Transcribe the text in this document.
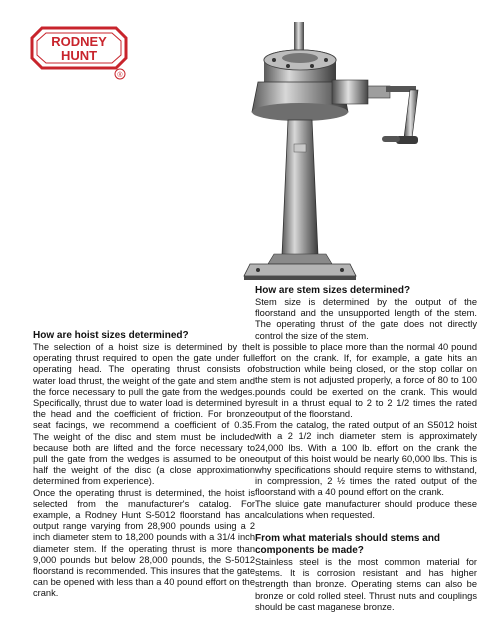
RODNEY
HUNT
®
How are hoist sizes determined?

The selection of a hoist size is determined by the operating thrust required to open the gate under full operating head. The operating thrust consists of water load thrust, the weight of the gate and stem and the force necessary to pull the gate from the wedges. Specifically, thrust due to water load is determined by the head and the coefficient of friction. For bronze seat facings, we recommend a coefficient of 0.35. The weight of the disc and stem must be included because both are lifted and the force necessary to pull the gate from the wedges is assumed to be one half the weight of the disc (a close approximation determined from experience).

Once the operating thrust is determined, the hoist is selected from the manufacturer's catalog. For example, a Rodney Hunt S-5012 floorstand has an output range varying from 28,900 pounds using a 2 inch diameter stem to 18,200 pounds with a 31/4 inch diameter stem. If the operating thrust is more than 9,000 pounds but below 28,000 pounds, the S-5012 floorstand is recommended. This insures that the gate can be opened with less than a 40 pound effort on the crank.

How are stem sizes determined?

Stem size is determined by the output of the floorstand and the unsupported length of the stem. The operating thrust of the gate does not directly control the size of the stem.

It is possible to place more than the normal 40 pound effort on the crank. If, for example, a gate hits an obstruction while being closed, or the stop collar on the stem is not adjusted properly, a force of 80 to 100 pounds could be exerted on the crank. This would result in a thrust equal to 2 to 2 1/2 times the rated output of the floorstand.

From the catalog, the rated output of an S5012 hoist with a 2 1/2 inch diameter stem is approximately 24,000 lbs. With a 100 lb. effort on the crank the output of this hoist would be nearly 60,000 lbs. This is why specifications should require stems to withstand, in compression, 2 ½ times the rated output of the floorstand with a 40 pound effort on the crank.

The sluice gate manufacturer should produce these calculations when requested.

From what materials should stems and components be made?

Stainless steel is the most common material for stems. It is corrosion resistant and has higher strength than bronze. Operating stems can also be bronze or cold rolled steel. Thrust nuts and couplings should be cast maganese bronze.
